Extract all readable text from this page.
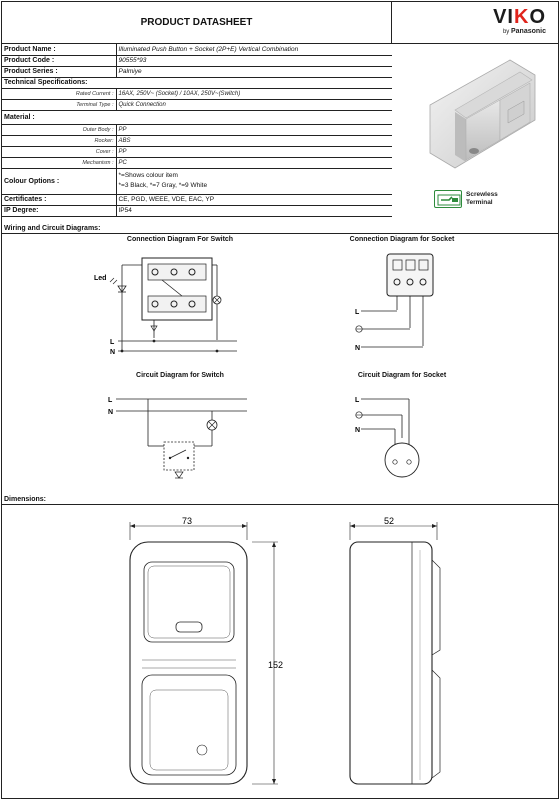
PRODUCT DATASHEET	VIKO
by Panasonic
Product Name :	Illuminated Push Button + Socket (2P+E) Vertical Combination
Product Code :	90555*93
Product Series :	Palmiye
Technical Specifications:	
Rated Current :	16AX, 250V~ (Socket) / 10AX, 250V~(Switch)
Terminal Type :	Quick Connection
Material :	
Outer Body :	PP
Rocker:	ABS
Cover :	PP
Mechanism :	PC
Colour Options :	*=Shows colour item
*=3 Black, *=7 Gray, *=9 White

Certificates :	CE, PGD, WEEE, VDE, EAC, YP
IP Degree:	IP54
Screwless
Terminal
Wiring and Circuit Diagrams:
Connection Diagram For Switch	Connection Diagram for Socket
Circuit Diagram for Switch	Circuit Diagram for Socket
Led
L
N
L
N
L
N
L
N
Dimensions:
73
152
52
